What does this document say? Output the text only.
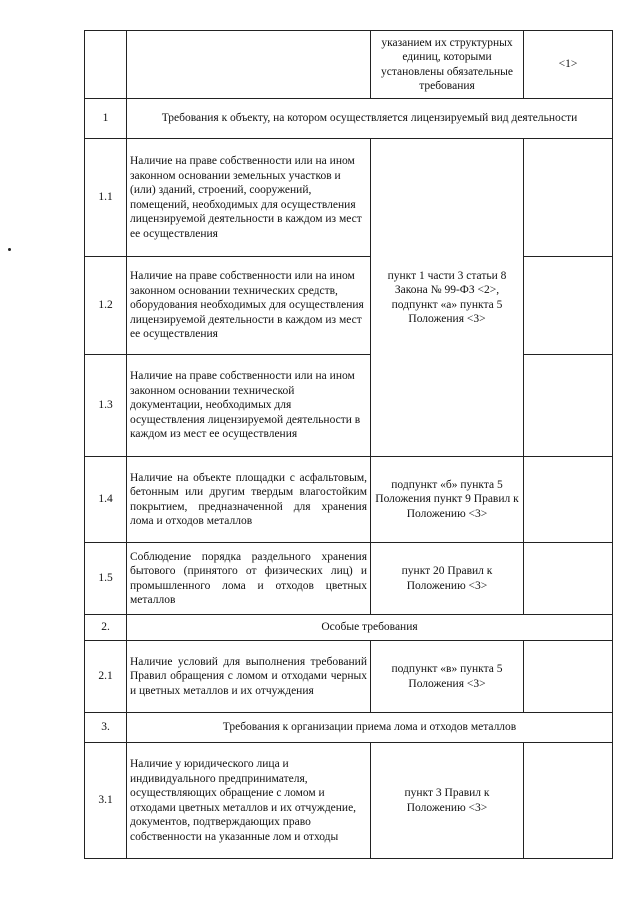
		указанием их структурных единиц, которыми установлены обязательные требования	<1>
1	Требования к объекту, на котором осуществляется лицензируемый вид деятельности		
1.1	Наличие на праве собственности или на ином законном основании земельных участков и (или) зданий, строений, сооружений, помещений, необходимых для осуществления лицензируемой деятельности в каждом из мест ее осуществления	пункт 1 части 3 статьи 8 Закона № 99-ФЗ <2>, подпункт «а» пункта 5 Положения <3>	
1.2	Наличие на праве собственности или на ином законном основании технических средств, оборудования необходимых для осуществления лицензируемой деятельности в каждом из мест ее осуществления		
1.3	Наличие на праве собственности или на ином законном основании технической документации, необходимых для осуществления лицензируемой деятельности в каждом из мест ее осуществления		
1.4	Наличие на объекте площадки с асфальтовым, бетонным или другим твердым влагостойким покрытием, предназначенной для хранения лома и отходов металлов	подпункт «б» пункта 5 Положения пункт 9 Правил к Положению <3>	
1.5	Соблюдение порядка раздельного хранения бытового (принятого от физических лиц) и промышленного лома и отходов цветных металлов	пункт 20 Правил к Положению <3>	
2.	Особые требования		
2.1	Наличие условий для выполнения требований Правил обращения с ломом и отходами черных и цветных металлов и их отчуждения	подпункт «в» пункта 5 Положения <3>	
3.	Требования к организации приема лома и отходов металлов		
3.1	Наличие у юридического лица и индивидуального предпринимателя, осуществляющих обращение с ломом и отходами цветных металлов и их отчуждение, документов, подтверждающих право собственности на указанные лом и отходы	пункт 3 Правил к Положению <3>	
